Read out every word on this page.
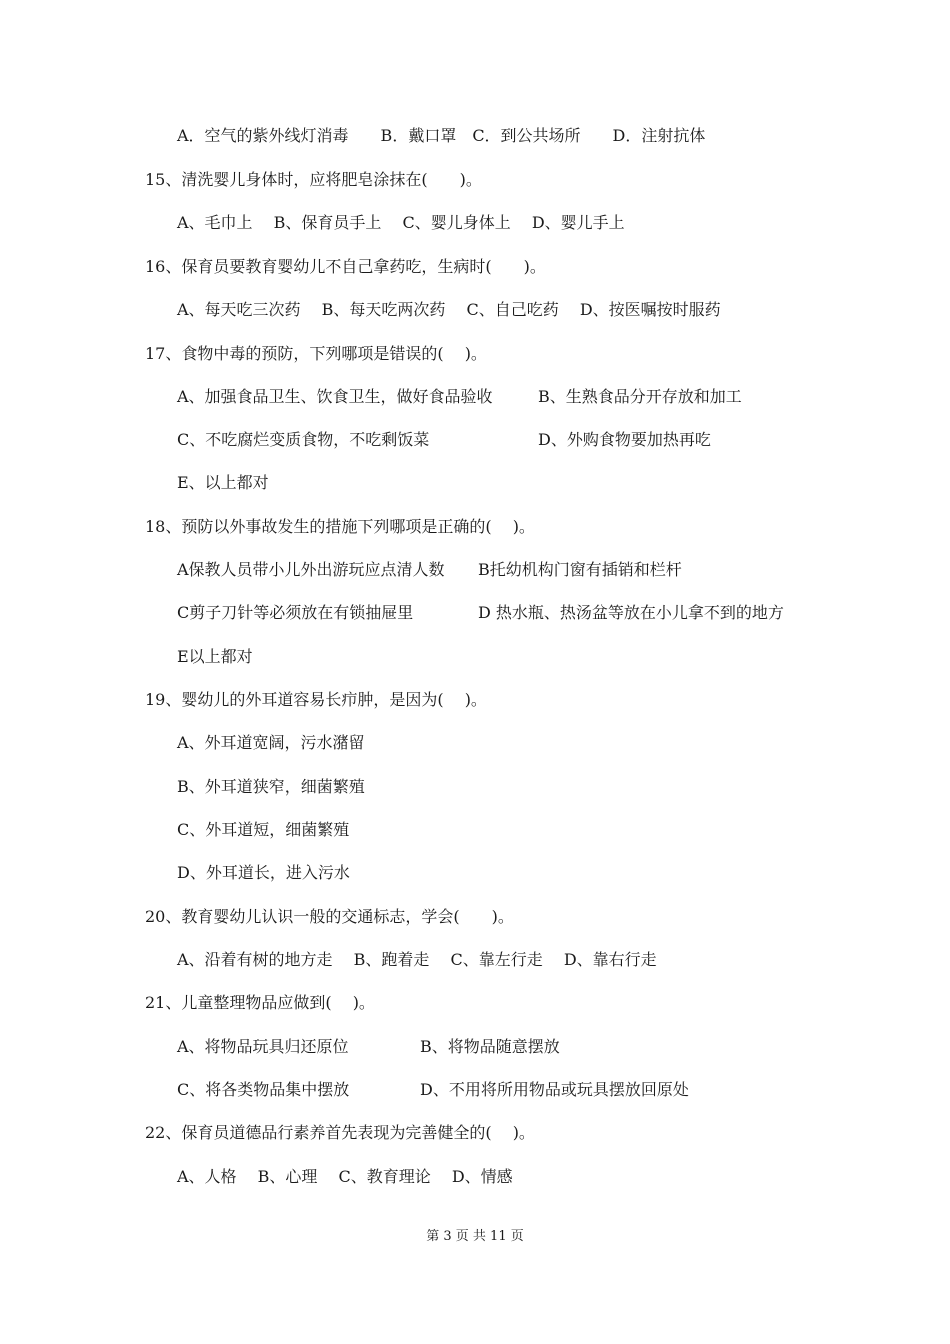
A．空气的紫外线灯消毒　　B．戴口罩　C．到公共场所　　D．注射抗体
15、清洗婴儿身体时，应将肥皂涂抹在(　　)。
A、毛巾上　 B、保育员手上　 C、婴儿身体上　 D、婴儿手上
16、保育员要教育婴幼儿不自己拿药吃，生病时(　　)。
A、每天吃三次药　 B、每天吃两次药　 C、自己吃药　 D、按医嘱按时服药
17、食物中毒的预防，下列哪项是错误的(　 )。
A、加强食品卫生、饮食卫生，做好食品验收	B、生熟食品分开存放和加工
C、不吃腐烂变质食物，不吃剩饭菜	D、外购食物要加热再吃
E、以上都对
18、预防以外事故发生的措施下列哪项是正确的(　 )。
A保教人员带小儿外出游玩应点清人数 B托幼机构门窗有插销和栏杆
C剪子刀针等必须放在有锁抽屉里	D 热水瓶、热汤盆等放在小儿拿不到的地方
E以上都对
19、婴幼儿的外耳道容易长疖肿，是因为(　 )。
A、外耳道宽阔，污水潴留
B、外耳道狭窄，细菌繁殖
C、外耳道短，细菌繁殖
D、外耳道长，进入污水
20、教育婴幼儿认识一般的交通标志，学会(　　)。
A、沿着有树的地方走　 B、跑着走　 C、靠左行走　 D、靠右行走
21、儿童整理物品应做到(　 )。
A、将物品玩具归还原位	B、将物品随意摆放
C、将各类物品集中摆放	D、不用将所用物品或玩具摆放回原处
22、保育员道德品行素养首先表现为完善健全的(　 )。
A、人格　 B、心理　 C、教育理论　 D、情感
第 3 页 共 11 页
